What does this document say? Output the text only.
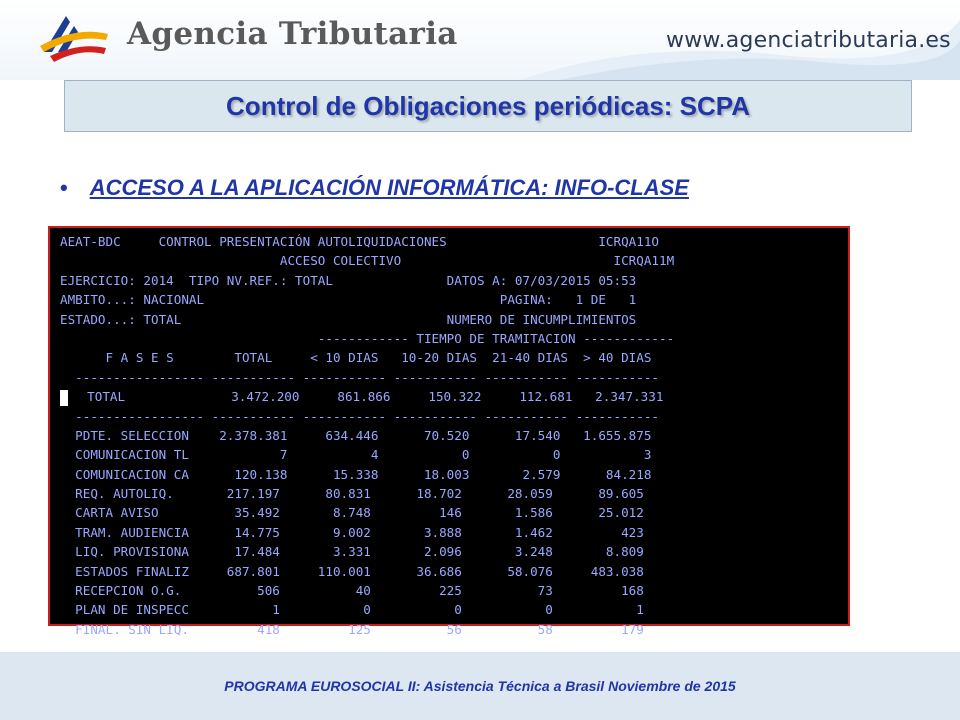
Agencia Tributaria	www.agenciatributaria.es
Control de Obligaciones periódicas: SCPA
• ACCESO A LA APLICACIÓN INFORMÁTICA: INFO-CLASE
AEAT-BDC     CONTROL PRESENTACIÓN AUTOLIQUIDACIONES                    ICRQA11O
ACCESO COLECTIVO                            ICRQA11M
EJERCICIO: 2014  TIPO NV.REF.: TOTAL               DATOS A: 07/03/2015 05:53
AMBITO...: NACIONAL                                       PAGINA:   1 DE   1
ESTADO...: TOTAL                                   NUMERO DE INCUMPLIMIENTOS
------------ TIEMPO DE TRAMITACION ------------
F A S E S        TOTAL     < 10 DIAS   10-20 DIAS  21-40 DIAS  > 40 DIAS
----------------- ----------- ----------- ----------- ----------- -----------
TOTAL              3.472.200     861.866     150.322     112.681   2.347.331
----------------- ----------- ----------- ----------- ----------- -----------
PDTE. SELECCION    2.378.381     634.446      70.520      17.540   1.655.875
COMUNICACION TL            7           4           0           0           3
COMUNICACION CA      120.138      15.338      18.003       2.579      84.218
REQ. AUTOLIQ.       217.197      80.831      18.702      28.059      89.605
CARTA AVISO          35.492       8.748         146       1.586      25.012
TRAM. AUDIENCIA      14.775       9.002       3.888       1.462         423
LIQ. PROVISIONA      17.484       3.331       2.096       3.248       8.809
ESTADOS FINALIZ     687.801     110.001      36.686      58.076     483.038
RECEPCION O.G.          506          40         225          73         168
PLAN DE INSPECC           1           0           0           0           1
FINAL. SIN LIQ.         418         125          56          58         179
PROGRAMA EUROSOCIAL II: Asistencia Técnica a Brasil Noviembre de 2015
